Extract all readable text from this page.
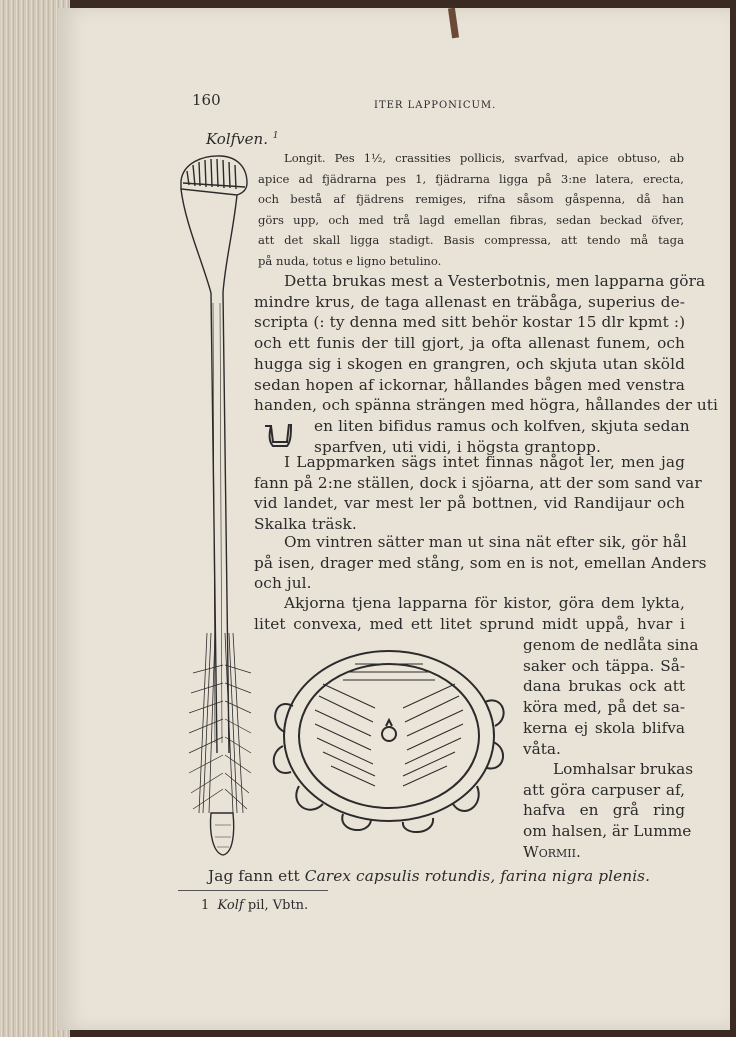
160	ITER LAPPONICUM.
Kolfven. $^1$
Longit. Pes 1½, crassities pollicis, svarfvad, apice obtuso, ab
apice ad fjädrarna pes 1, fjädrarna ligga på 3:ne latera, erecta,
och bestå af fjädrens remiges, rifna såsom gåspenna, då han
görs upp, och med trå lagd emellan fibras, sedan beckad öfver,
att det skall ligga stadigt. Basis compressa, att tendo må taga
på nuda, totus e ligno betulino.
Detta brukas mest a Vesterbotnis, men lapparna göra
mindre krus, de taga allenast en träbåga, superius de-
scripta (: ty denna med sitt behör kostar 15 dlr kpmt :)
och ett funis der till gjort, ja ofta allenast funem, och
hugga sig i skogen en grangren, och skjuta utan sköld
sedan hopen af ickornar, hållandes bågen med venstra
handen, och spänna strängen med högra, hållandes der uti
en liten bifidus ramus och kolfven, skjuta sedan
sparfven, uti vidi, i högsta grantopp.
I Lappmarken sägs intet finnas något ler, men jag
fann på 2:ne ställen, dock i sjöarna, att der som sand var
vid landet, var mest ler på bottnen, vid Randijaur och
Skalka träsk.
Om vintren sätter man ut sina nät efter sik, gör hål
på isen, drager med stång, som en is not, emellan Anders
och jul.
Akjorna tjena lapparna för kistor, göra dem lykta,
litet convexa, med ett litet sprund midt uppå, hvar i
genom de nedlåta sina
saker och täppa. Så-
dana brukas ock att
köra med, på det sa-
kerna ej skola blifva
våta.
Lomhalsar brukas
att göra carpuser af,
hafva en grå ring
om halsen, är Lumme
Wormii.
Jag fann ett Carex capsulis rotundis, farina nigra plenis.
1 Kolf pil, Vbtn.
